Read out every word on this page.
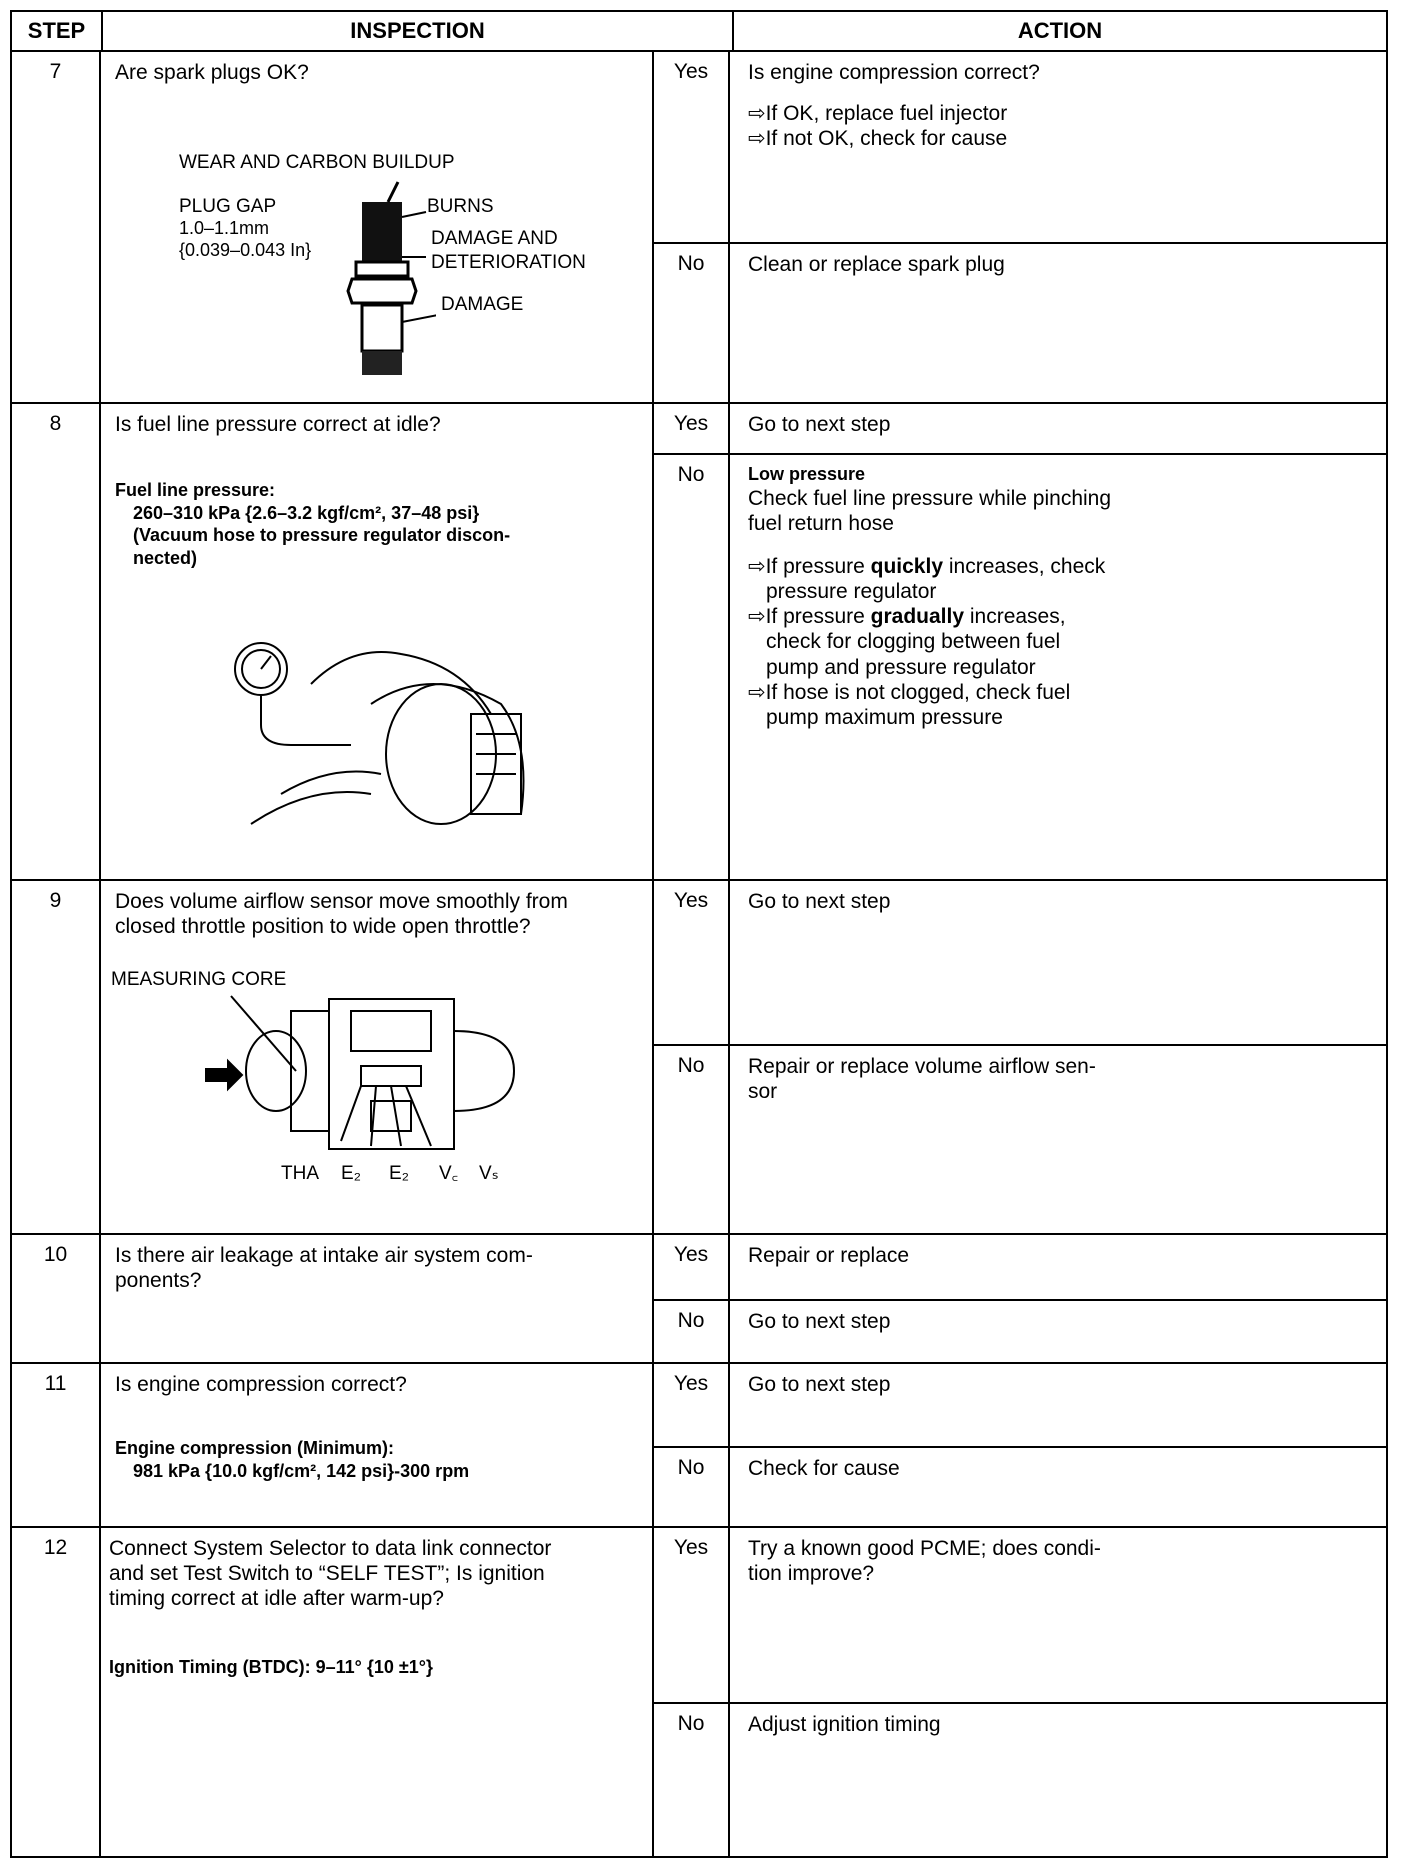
STEP	INSPECTION	ACTION
7	Are spark plugs OK?
WEAR AND CARBON BUILDUP
PLUG GAP
1.0–1.1mm
{0.039–0.043 In}
BURNS
DAMAGE AND
DETERIORATION
DAMAGE
Yes	Is engine compression correct?
⇨If OK, replace fuel injector
⇨If not OK, check for cause
No	Clean or replace spark plug
8	Is fuel line pressure correct at idle?
Fuel line pressure:
260–310 kPa {2.6–3.2 kgf/cm², 37–48 psi}
(Vacuum hose to pressure regulator discon-
nected)
Yes	Go to next step
No	Low pressure
Check fuel line pressure while pinching
fuel return hose
⇨If pressure quickly increases, check
pressure regulator
⇨If pressure gradually increases,
check for clogging between fuel
pump and pressure regulator
⇨If hose is not clogged, check fuel
pump maximum pressure
9	Does volume airflow sensor move smoothly from closed throttle position to wide open throttle?
MEASURING CORE
THA E₂ E₂ V꜀ Vₛ
Yes	Go to next step
No	Repair or replace volume airflow sen-
sor
10	Is there air leakage at intake air system com-
ponents?
Yes	Repair or replace
No	Go to next step
11	Is engine compression correct?
Engine compression (Minimum):
981 kPa {10.0 kgf/cm², 142 psi}-300 rpm
Yes	Go to next step
No	Check for cause
12	Connect System Selector to data link connector
and set Test Switch to “SELF TEST”; Is ignition
timing correct at idle after warm-up?
Ignition Timing (BTDC): 9–11° {10 ±1°}
Yes	Try a known good PCME; does condi-
tion improve?
No	Adjust ignition timing
